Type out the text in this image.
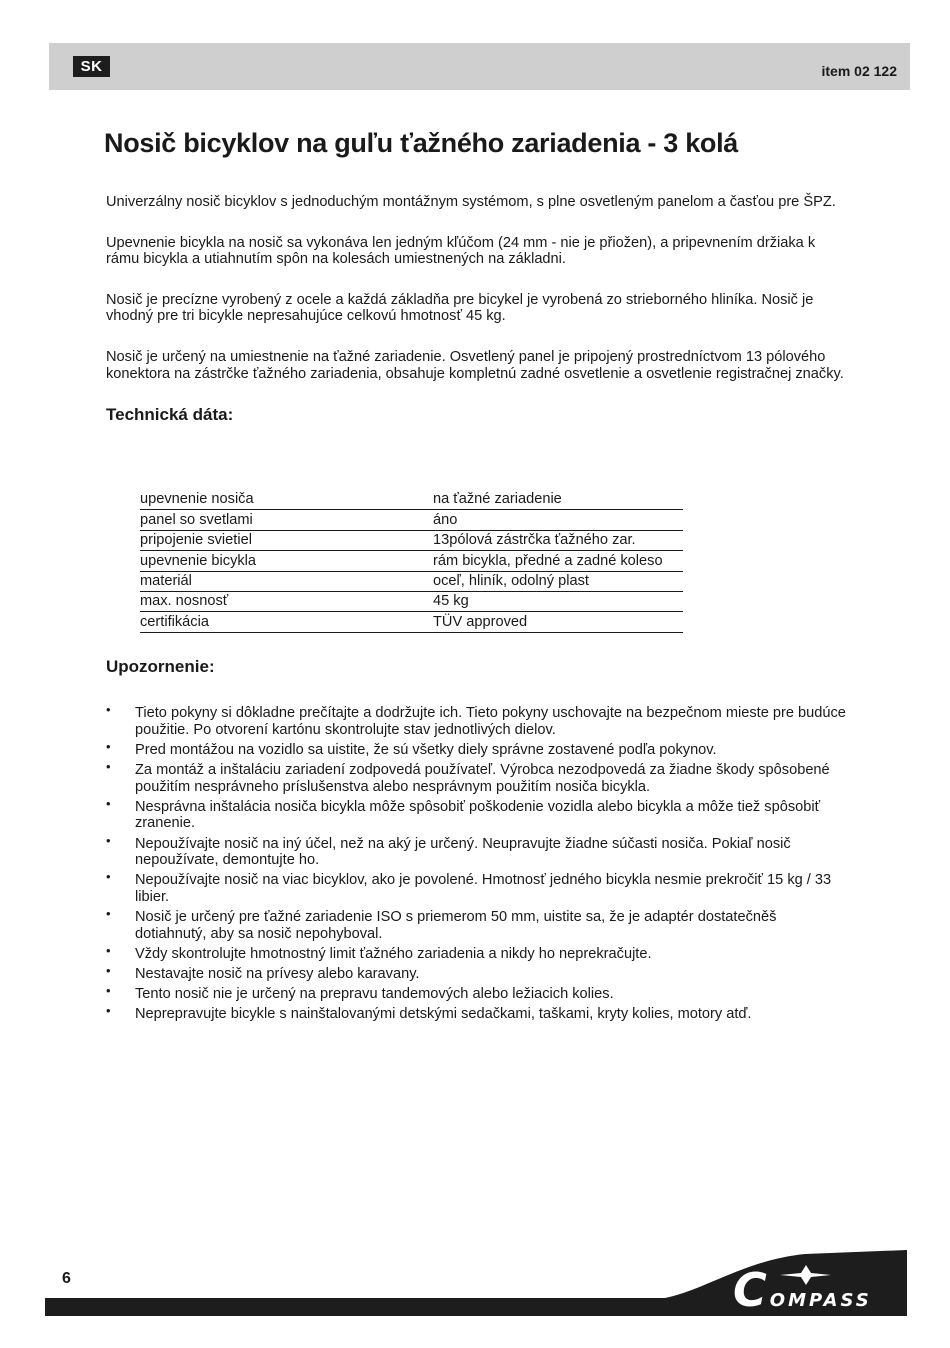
SK	item 02 122
Nosič bicyklov na guľu ťažného zariadenia - 3 kolá

Univerzálny nosič bicyklov s jednoduchým montážnym systémom, s plne osvetleným panelom a časťou pre ŠPZ.

Upevnenie bicykla na nosič sa vykonáva len jedným kľúčom (24 mm - nie je přiožen), a pripevnením držiaka k rámu bicykla a utiahnutím spôn na kolesách umiestnených na základni.

Nosič je precízne vyrobený z ocele a každá základňa pre bicykel je vyrobená zo strieborného hliníka. Nosič je vhodný pre tri bicykle nepresahujúce celkovú hmotnosť 45 kg.

Nosič je určený na umiestnenie na ťažné zariadenie. Osvetlený panel je pripojený prostredníctvom 13 pólového konektora na zástrčke ťažného zariadenia, obsahuje kompletnú zadné osvetlenie a osvetlenie registračnej značky.

Technická dáta:
upevnenie nosiča	na ťažné zariadenie
panel so svetlami	áno
pripojenie svietiel	13pólová zástrčka ťažného zar.
upevnenie bicykla	rám bicykla, předné a zadné koleso
materiál	oceľ, hliník, odolný plast
max. nosnosť	45 kg
certifikácia	TÜV approved
Upozornenie:
• Tieto pokyny si dôkladne prečítajte a dodržujte ich. Tieto pokyny uschovajte na bezpečnom mieste pre budúce použitie. Po otvorení kartónu skontrolujte stav jednotlivých dielov.
• Pred montážou na vozidlo sa uistite, že sú všetky diely správne zostavené podľa pokynov.
• Za montáž a inštaláciu zariadení zodpovedá používateľ. Výrobca nezodpovedá za žiadne škody spôsobené použitím nesprávneho príslušenstva alebo nesprávnym použitím nosiča bicykla.
• Nesprávna inštalácia nosiča bicykla môže spôsobiť poškodenie vozidla alebo bicykla a môže tiež spôsobiť zranenie.
• Nepoužívajte nosič na iný účel, než na aký je určený. Neupravujte žiadne súčasti nosiča. Pokiaľ nosič nepoužívate, demontujte ho.
• Nepoužívajte nosič na viac bicyklov, ako je povolené. Hmotnosť jedného bicykla nesmie prekročiť 15 kg / 33 libier.
• Nosič je určený pre ťažné zariadenie ISO s priemerom 50 mm, uistite sa, že je adaptér dostatečněš dotiahnutý, aby sa nosič nepohyboval.
• Vždy skontrolujte hmotnostný limit ťažného zariadenia a nikdy ho neprekračujte.
• Nestavajte nosič na prívesy alebo karavany.
• Tento nosič nie je určený na prepravu tandemových alebo ležiacich kolies.
• Neprepravujte bicykle s nainštalovanými detskými sedačkami, taškami, kryty kolies, motory atď.
6	COMPASS
